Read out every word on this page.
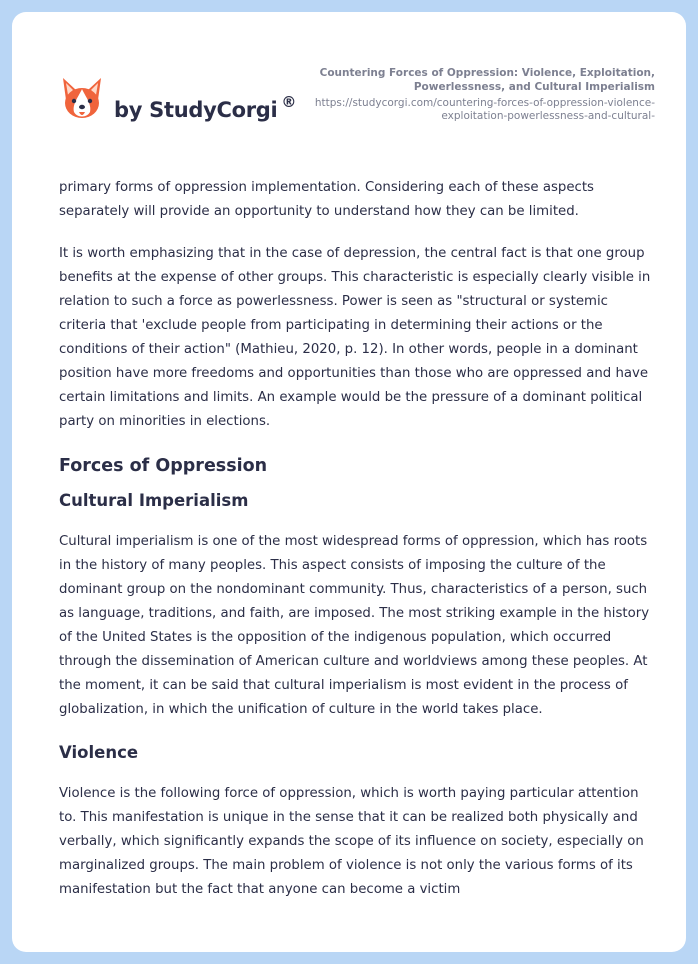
by StudyCorgi ®
Countering Forces of Oppression: Violence, Exploitation, Powerlessness, and Cultural Imperialism
https://studycorgi.com/countering-forces-of-oppression-violence-exploitation-powerlessness-and-cultural-

primary forms of oppression implementation. Considering each of these aspects separately will provide an opportunity to understand how they can be limited.

It is worth emphasizing that in the case of depression, the central fact is that one group benefits at the expense of other groups. This characteristic is especially clearly visible in relation to such a force as powerlessness. Power is seen as "structural or systemic criteria that 'exclude people from participating in determining their actions or the conditions of their action" (Mathieu, 2020, p. 12). In other words, people in a dominant position have more freedoms and opportunities than those who are oppressed and have certain limitations and limits. An example would be the pressure of a dominant political party on minorities in elections.

Forces of Oppression
Cultural Imperialism

Cultural imperialism is one of the most widespread forms of oppression, which has roots in the history of many peoples. This aspect consists of imposing the culture of the dominant group on the nondominant community. Thus, characteristics of a person, such as language, traditions, and faith, are imposed. The most striking example in the history of the United States is the opposition of the indigenous population, which occurred through the dissemination of American culture and worldviews among these peoples. At the moment, it can be said that cultural imperialism is most evident in the process of globalization, in which the unification of culture in the world takes place.

Violence

Violence is the following force of oppression, which is worth paying particular attention to. This manifestation is unique in the sense that it can be realized both physically and verbally, which significantly expands the scope of its influence on society, especially on marginalized groups. The main problem of violence is not only the various forms of its manifestation but the fact that anyone can become a victim
